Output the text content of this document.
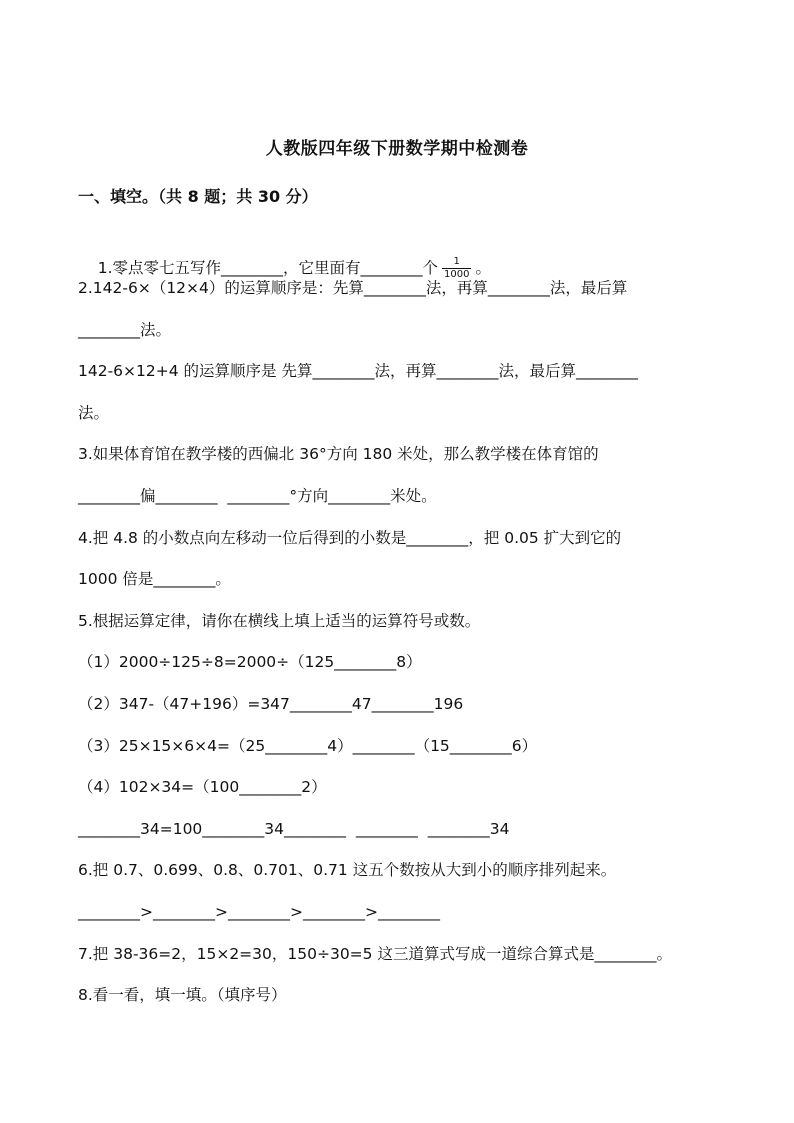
人教版四年级下册数学期中检测卷
一、填空。（共 8 题；共 30 分）

1.零点零七五写作________，它里面有________个 $\frac{1}{1000}$ 。

2.142-6×（12×4）的运算顺序是：先算________法，再算________法，最后算
________法。
142-6×12+4 的运算顺序是 先算________法，再算________法，最后算________
法。
3.如果体育馆在教学楼的西偏北 36°方向 180 米处，那么教学楼在体育馆的
________偏________  ________°方向________米处。
4.把 4.8 的小数点向左移动一位后得到的小数是________，把 0.05 扩大到它的
1000 倍是________。
5.根据运算定律，请你在横线上填上适当的运算符号或数。
（1）2000÷125÷8=2000÷（125________8）
（2）347-（47+196）=347________47________196
（3）25×15×6×4=（25________4）________（15________6）
（4）102×34=（100________2）
________34=100________34________  ________  ________34
6.把 0.7、0.699、0.8、0.701、0.71 这五个数按从大到小的顺序排列起来。
________>________>________>________>________
7.把 38-36=2，15×2=30，150÷30=5 这三道算式写成一道综合算式是________。
8.看一看，填一填。（填序号）
